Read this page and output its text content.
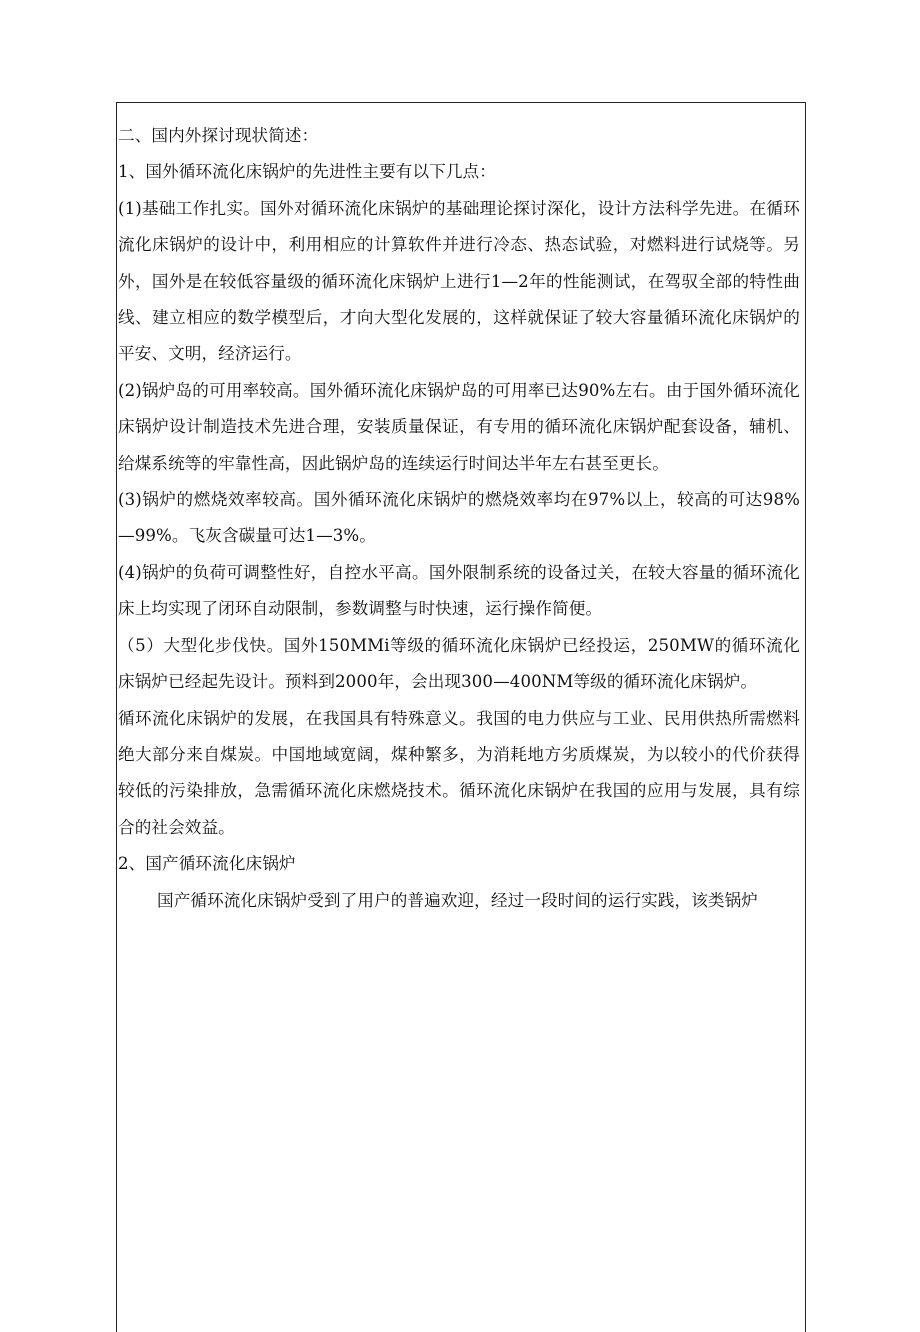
二、国内外探讨现状简述：

1、国外循环流化床锅炉的先进性主要有以下几点：

(1)基础工作扎实。国外对循环流化床锅炉的基础理论探讨深化，设计方法科学先进。在循环流化床锅炉的设计中，利用相应的计算软件并进行冷态、热态试验，对燃料进行试烧等。另外，国外是在较低容量级的循环流化床锅炉上进行1—2年的性能测试，在驾驭全部的特性曲线、建立相应的数学模型后，才向大型化发展的，这样就保证了较大容量循环流化床锅炉的平安、文明，经济运行。

(2)锅炉岛的可用率较高。国外循环流化床锅炉岛的可用率已达90%左右。由于国外循环流化床锅炉设计制造技术先进合理，安装质量保证，有专用的循环流化床锅炉配套设备，辅机、给煤系统等的牢靠性高，因此锅炉岛的连续运行时间达半年左右甚至更长。

(3)锅炉的燃烧效率较高。国外循环流化床锅炉的燃烧效率均在97%以上，较高的可达98%—99%。飞灰含碳量可达1—3%。

(4)锅炉的负荷可调整性好，自控水平高。国外限制系统的设备过关，在较大容量的循环流化床上均实现了闭环自动限制，参数调整与时快速，运行操作简便。

（5）大型化步伐快。国外150MMi等级的循环流化床锅炉已经投运，250MW的循环流化床锅炉已经起先设计。预料到2000年，会出现300—400NM等级的循环流化床锅炉。

循环流化床锅炉的发展，在我国具有特殊意义。我国的电力供应与工业、民用供热所需燃料绝大部分来自煤炭。中国地域宽阔，煤种繁多，为消耗地方劣质煤炭，为以较小的代价获得较低的污染排放，急需循环流化床燃烧技术。循环流化床锅炉在我国的应用与发展，具有综合的社会效益。

2、国产循环流化床锅炉

国产循环流化床锅炉受到了用户的普遍欢迎，经过一段时间的运行实践，该类锅炉
